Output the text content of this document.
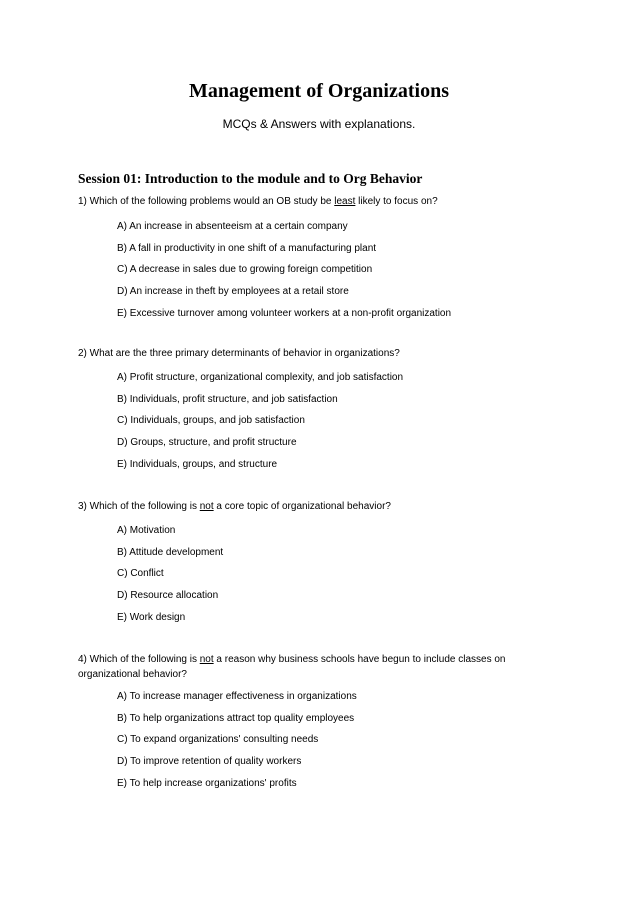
Management of Organizations

MCQs & Answers with explanations.

Session 01: Introduction to the module and to Org Behavior

1) Which of the following problems would an OB study be least likely to focus on?

A) An increase in absenteeism at a certain company
B) A fall in productivity in one shift of a manufacturing plant
C) A decrease in sales due to growing foreign competition
D) An increase in theft by employees at a retail store
E) Excessive turnover among volunteer workers at a non-profit organization

2) What are the three primary determinants of behavior in organizations?

A) Profit structure, organizational complexity, and job satisfaction
B) Individuals, profit structure, and job satisfaction
C) Individuals, groups, and job satisfaction
D) Groups, structure, and profit structure
E) Individuals, groups, and structure

3) Which of the following is not a core topic of organizational behavior?

A) Motivation
B) Attitude development
C) Conflict
D) Resource allocation
E) Work design

4) Which of the following is not a reason why business schools have begun to include classes on organizational behavior?

A) To increase manager effectiveness in organizations
B) To help organizations attract top quality employees
C) To expand organizations' consulting needs
D) To improve retention of quality workers
E) To help increase organizations' profits
